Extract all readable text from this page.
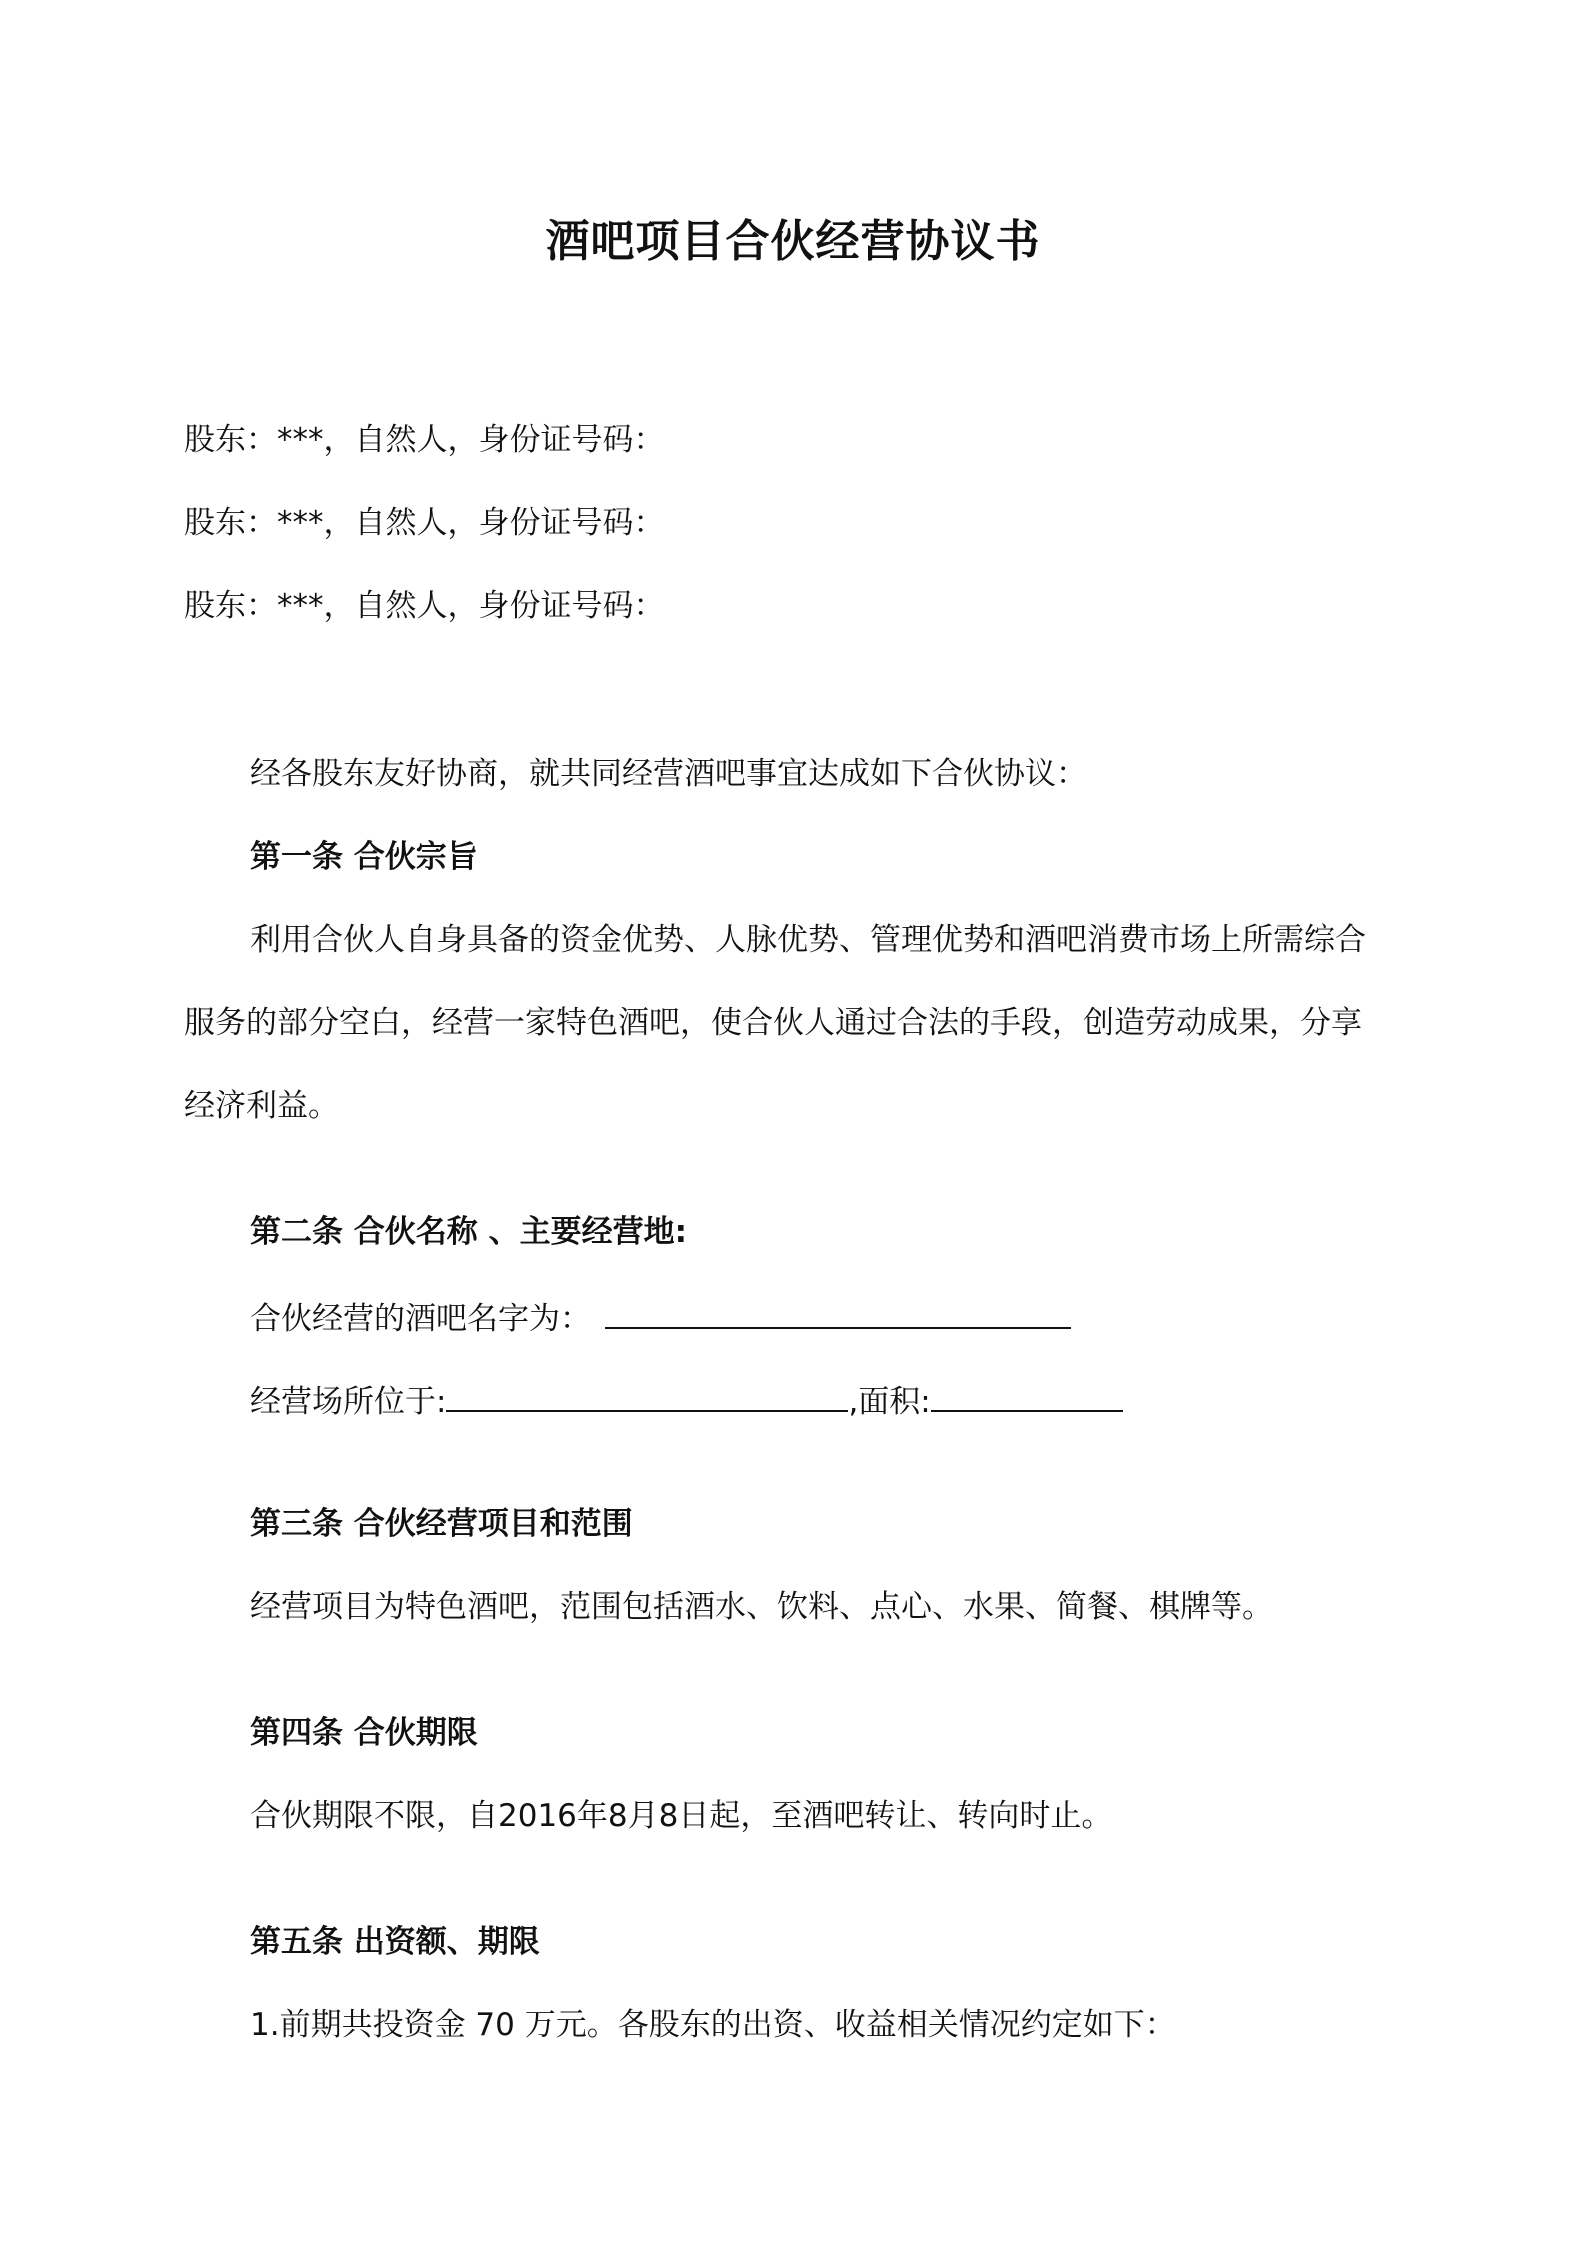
酒吧项目合伙经营协议书
股东：***，自然人，身份证号码：
股东：***，自然人，身份证号码：
股东：***，自然人，身份证号码：
经各股东友好协商，就共同经营酒吧事宜达成如下合伙协议：
第一条 合伙宗旨
利用合伙人自身具备的资金优势、人脉优势、管理优势和酒吧消费市场上所需综合
服务的部分空白，经营一家特色酒吧，使合伙人通过合法的手段，创造劳动成果，分享
经济利益。
第二条 合伙名称 、主要经营地:
合伙经营的酒吧名字为：
经营场所位于:	,面积:
第三条 合伙经营项目和范围
经营项目为特色酒吧，范围包括酒水、饮料、点心、水果、简餐、棋牌等。
第四条 合伙期限
合伙期限不限，自2016年8月8日起，至酒吧转让、转向时止。
第五条 出资额、期限
1.前期共投资金 70 万元。各股东的出资、收益相关情况约定如下：
